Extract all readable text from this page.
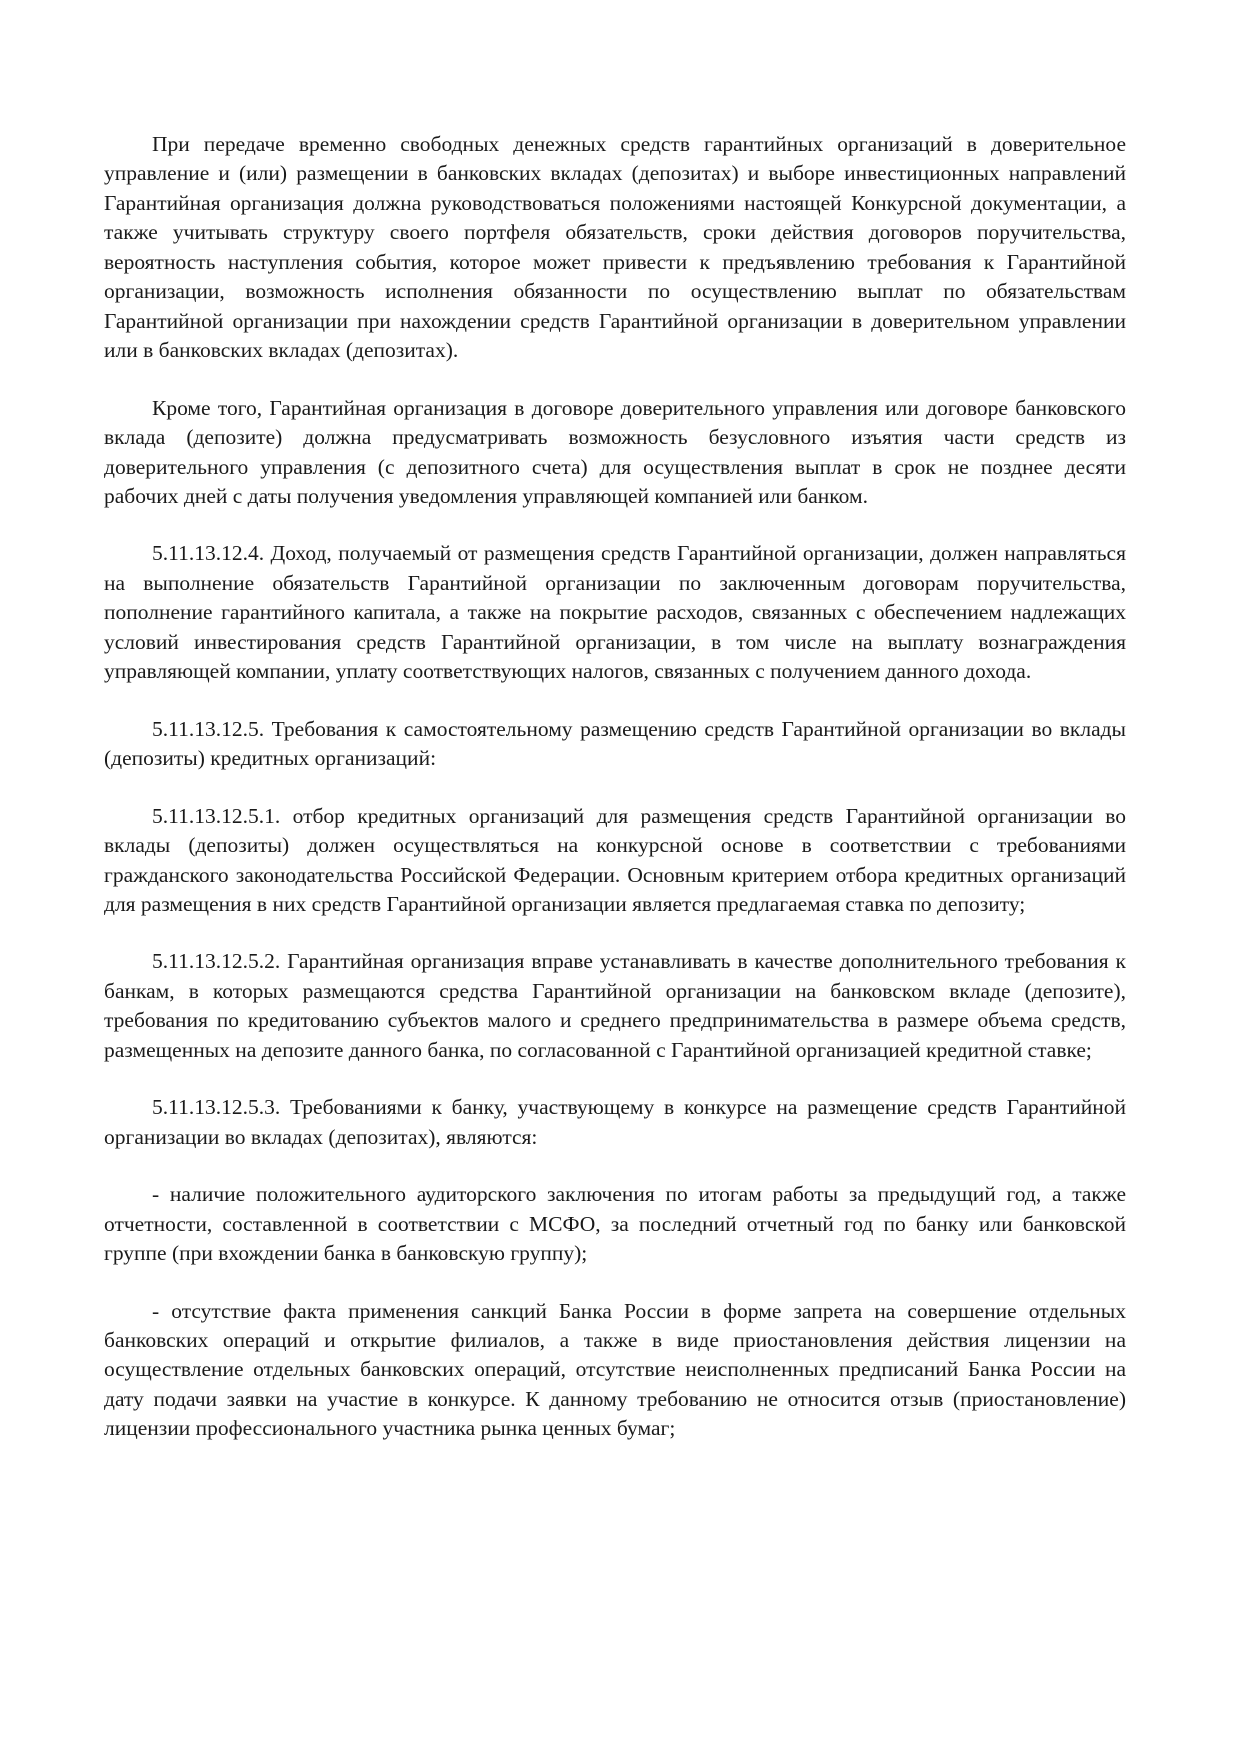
При передаче временно свободных денежных средств гарантийных организаций в доверительное управление и (или) размещении в банковских вкладах (депозитах) и выборе инвестиционных направлений Гарантийная организация должна руководствоваться положениями настоящей Конкурсной документации, а также учитывать структуру своего портфеля обязательств, сроки действия договоров поручительства, вероятность наступления события, которое может привести к предъявлению требования к Гарантийной организации, возможность исполнения обязанности по осуществлению выплат по обязательствам Гарантийной организации при нахождении средств Гарантийной организации в доверительном управлении или в банковских вкладах (депозитах).

Кроме того, Гарантийная организация в договоре доверительного управления или договоре банковского вклада (депозите) должна предусматривать возможность безусловного изъятия части средств из доверительного управления (с депозитного счета) для осуществления выплат в срок не позднее десяти рабочих дней с даты получения уведомления управляющей компанией или банком.

5.11.13.12.4. Доход, получаемый от размещения средств Гарантийной организации, должен направляться на выполнение обязательств Гарантийной организации по заключенным договорам поручительства, пополнение гарантийного капитала, а также на покрытие расходов, связанных с обеспечением надлежащих условий инвестирования средств Гарантийной организации, в том числе на выплату вознаграждения управляющей компании, уплату соответствующих налогов, связанных с получением данного дохода.

5.11.13.12.5. Требования к самостоятельному размещению средств Гарантийной организации во вклады (депозиты) кредитных организаций:

5.11.13.12.5.1. отбор кредитных организаций для размещения средств Гарантийной организации во вклады (депозиты) должен осуществляться на конкурсной основе в соответствии с требованиями гражданского законодательства Российской Федерации. Основным критерием отбора кредитных организаций для размещения в них средств Гарантийной организации является предлагаемая ставка по депозиту;

5.11.13.12.5.2. Гарантийная организация вправе устанавливать в качестве дополнительного требования к банкам, в которых размещаются средства Гарантийной организации на банковском вкладе (депозите), требования по кредитованию субъектов малого и среднего предпринимательства в размере объема средств, размещенных на депозите данного банка, по согласованной с Гарантийной организацией кредитной ставке;

5.11.13.12.5.3. Требованиями к банку, участвующему в конкурсе на размещение средств Гарантийной организации во вкладах (депозитах), являются:

- наличие положительного аудиторского заключения по итогам работы за предыдущий год, а также отчетности, составленной в соответствии с МСФО, за последний отчетный год по банку или банковской группе (при вхождении банка в банковскую группу);

- отсутствие факта применения санкций Банка России в форме запрета на совершение отдельных банковских операций и открытие филиалов, а также в виде приостановления действия лицензии на осуществление отдельных банковских операций, отсутствие неисполненных предписаний Банка России на дату подачи заявки на участие в конкурсе. К данному требованию не относится отзыв (приостановление) лицензии профессионального участника рынка ценных бумаг;
